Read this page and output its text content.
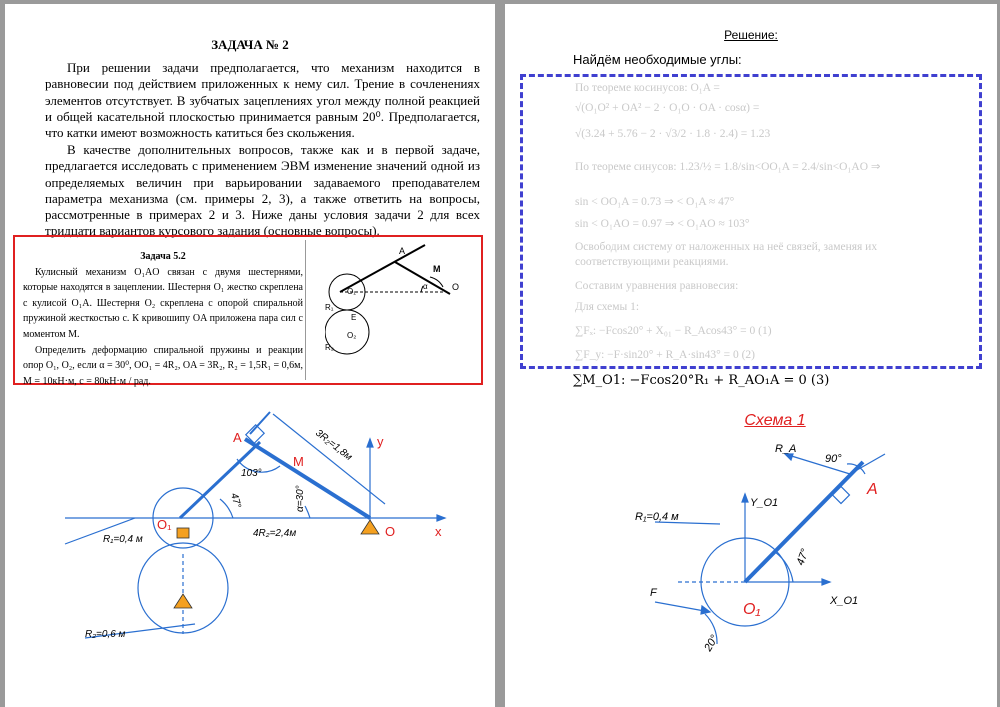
ЗАДАЧА № 2
При решении задачи предполагается, что механизм находится в равновесии под действием приложенных к нему сил. Трение в сочленениях элементов отсутствует. В зубчатых зацеплениях угол между полной реакцией и общей касательной плоскостью принимается равным 20⁰. Предполагается, что катки имеют возможность катиться без скольжения.
В качестве дополнительных вопросов, также как и в первой задаче, предлагается исследовать с применением ЭВМ изменение значений одной из определяемых величин при варьировании задаваемого преподавателем параметра механизма (см. примеры 2, 3), а также ответить на вопросы, рассмотренные в примерах 2 и 3. Ниже даны условия задачи 2 для всех тридцати вариантов курсового задания (основные вопросы).
Задача 5.2

Кулисный механизм O₁AO связан с двумя шестернями, которые находятся в зацеплении. Шестерня O₁ жестко скреплена с кулисой O₁A. Шестерня O₂ скреплена с опорой спиральной пружиной жесткостью c. К кривошипу OA приложена пара сил с моментом M.

Определить деформацию спиральной пружины и реакции опор O₁, O₂, если α = 30⁰, OO₁ = 4R₂, OA = 3R₂, R₂ = 1,5R₁ = 0,6м, M = 10кН·м, c = 80кН·м / рад.

A
M
α	O
O₁
R₁
E
O₂
R₂
A
M
O₁	O	x
y
3R₂=1,8м
103°
47°	α=30°
R₁=0,4 м
4R₂=2,4м
R₂=0,6 м
Решение:
Найдём необходимые углы:
По теореме косинусов: O₁A =
√(O₁O² + OA² − 2 · O₁O · OA · cosα) =
√(3.24 + 5.76 − 2 · √3/2 · 1.8 · 2.4) = 1.23
По теореме синусов: 1.23/½ = 1.8/sin<OO₁A = 2.4/sin<O₁AO ⇒
sin < OO₁A = 0.73 ⇒ < O₁A ≈ 47°
sin < O₁AO = 0.97 ⇒ < O₁AO ≈ 103°
Освободим систему от наложенных на неё связей, заменяя их
соответствующими реакциями.
Составим уравнения равновесия:
Для схемы 1:
∑Fₓ: −Fcos20° + X₀₁ − R_Acos43° = 0 (1)
∑F_y: −F·sin20° + R_A·sin43° = 0 (2)
∑M_O1: −Fcos20°R₁ + R_AO₁A = 0 (3)
Схема 1
R_A
90°
Y_O1
R₁=0,4 м
47°
F
X_O1
20°
A
O₁
